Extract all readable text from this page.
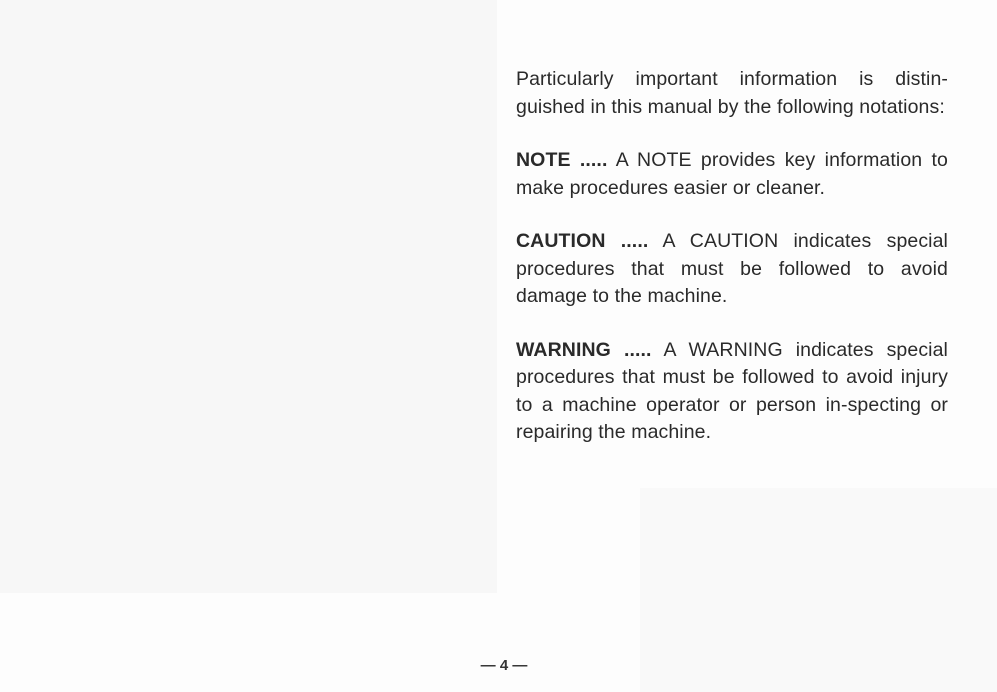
Particularly important information is distin-guished in this manual by the following notations:

NOTE ..... A NOTE provides key information to make procedures easier or cleaner.

CAUTION ..... A CAUTION indicates special procedures that must be followed to avoid damage to the machine.

WARNING ..... A WARNING indicates special procedures that must be followed to avoid injury to a machine operator or person in-specting or repairing the machine.

— 4 —
